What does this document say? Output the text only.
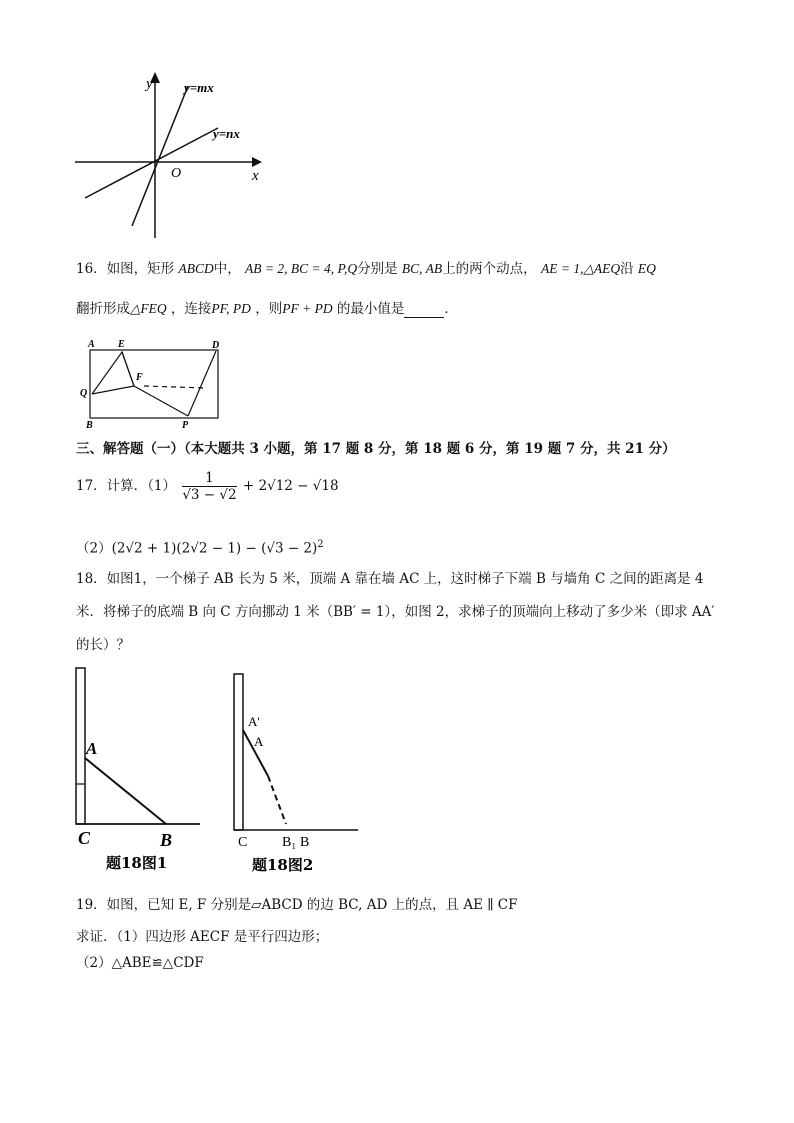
y
x
O
y=mx
y=nx
16．如图，矩形 ABCD中， AB = 2, BC = 4, P,Q分别是 BC, AB上的两个动点， AE = 1,△AEQ沿 EQ
翻折形成△FEQ ，连接PF, PD ，则PF + PD 的最小值是	．
A E	D
F
Q
B	P
三、解答题（一）（本大题共 3 小题，第 17 题 8 分，第 18 题 6 分，第 19 题 7 分，共 21 分）
17．计算．$(1) \frac{1}{√3 - √2} + 2√12 - √18$
$(2)(2√2 + 1)(2√2 - 1) - (√3 - 2)^2$
18．如图1，一个梯子 AB 长为 5 米，顶端 A 靠在墙 AC 上，这时梯子下端 B 与墙角 C 之间的距离是 4
米．将梯子的底端 B 向 C 方向挪动 1 米（BB′ = 1），如图 2，求梯子的顶端向上移动了多少米（即求 AA′
的长）？
A
C	B
题18图1
A'
A
C B₁ B
题18图2
19．如图，已知 E, F 分别是▱ABCD 的边 BC, AD 上的点，且 AE ∥ CF
求证．（1）四边形 AECF 是平行四边形；
（2）△ABE≌△CDF
